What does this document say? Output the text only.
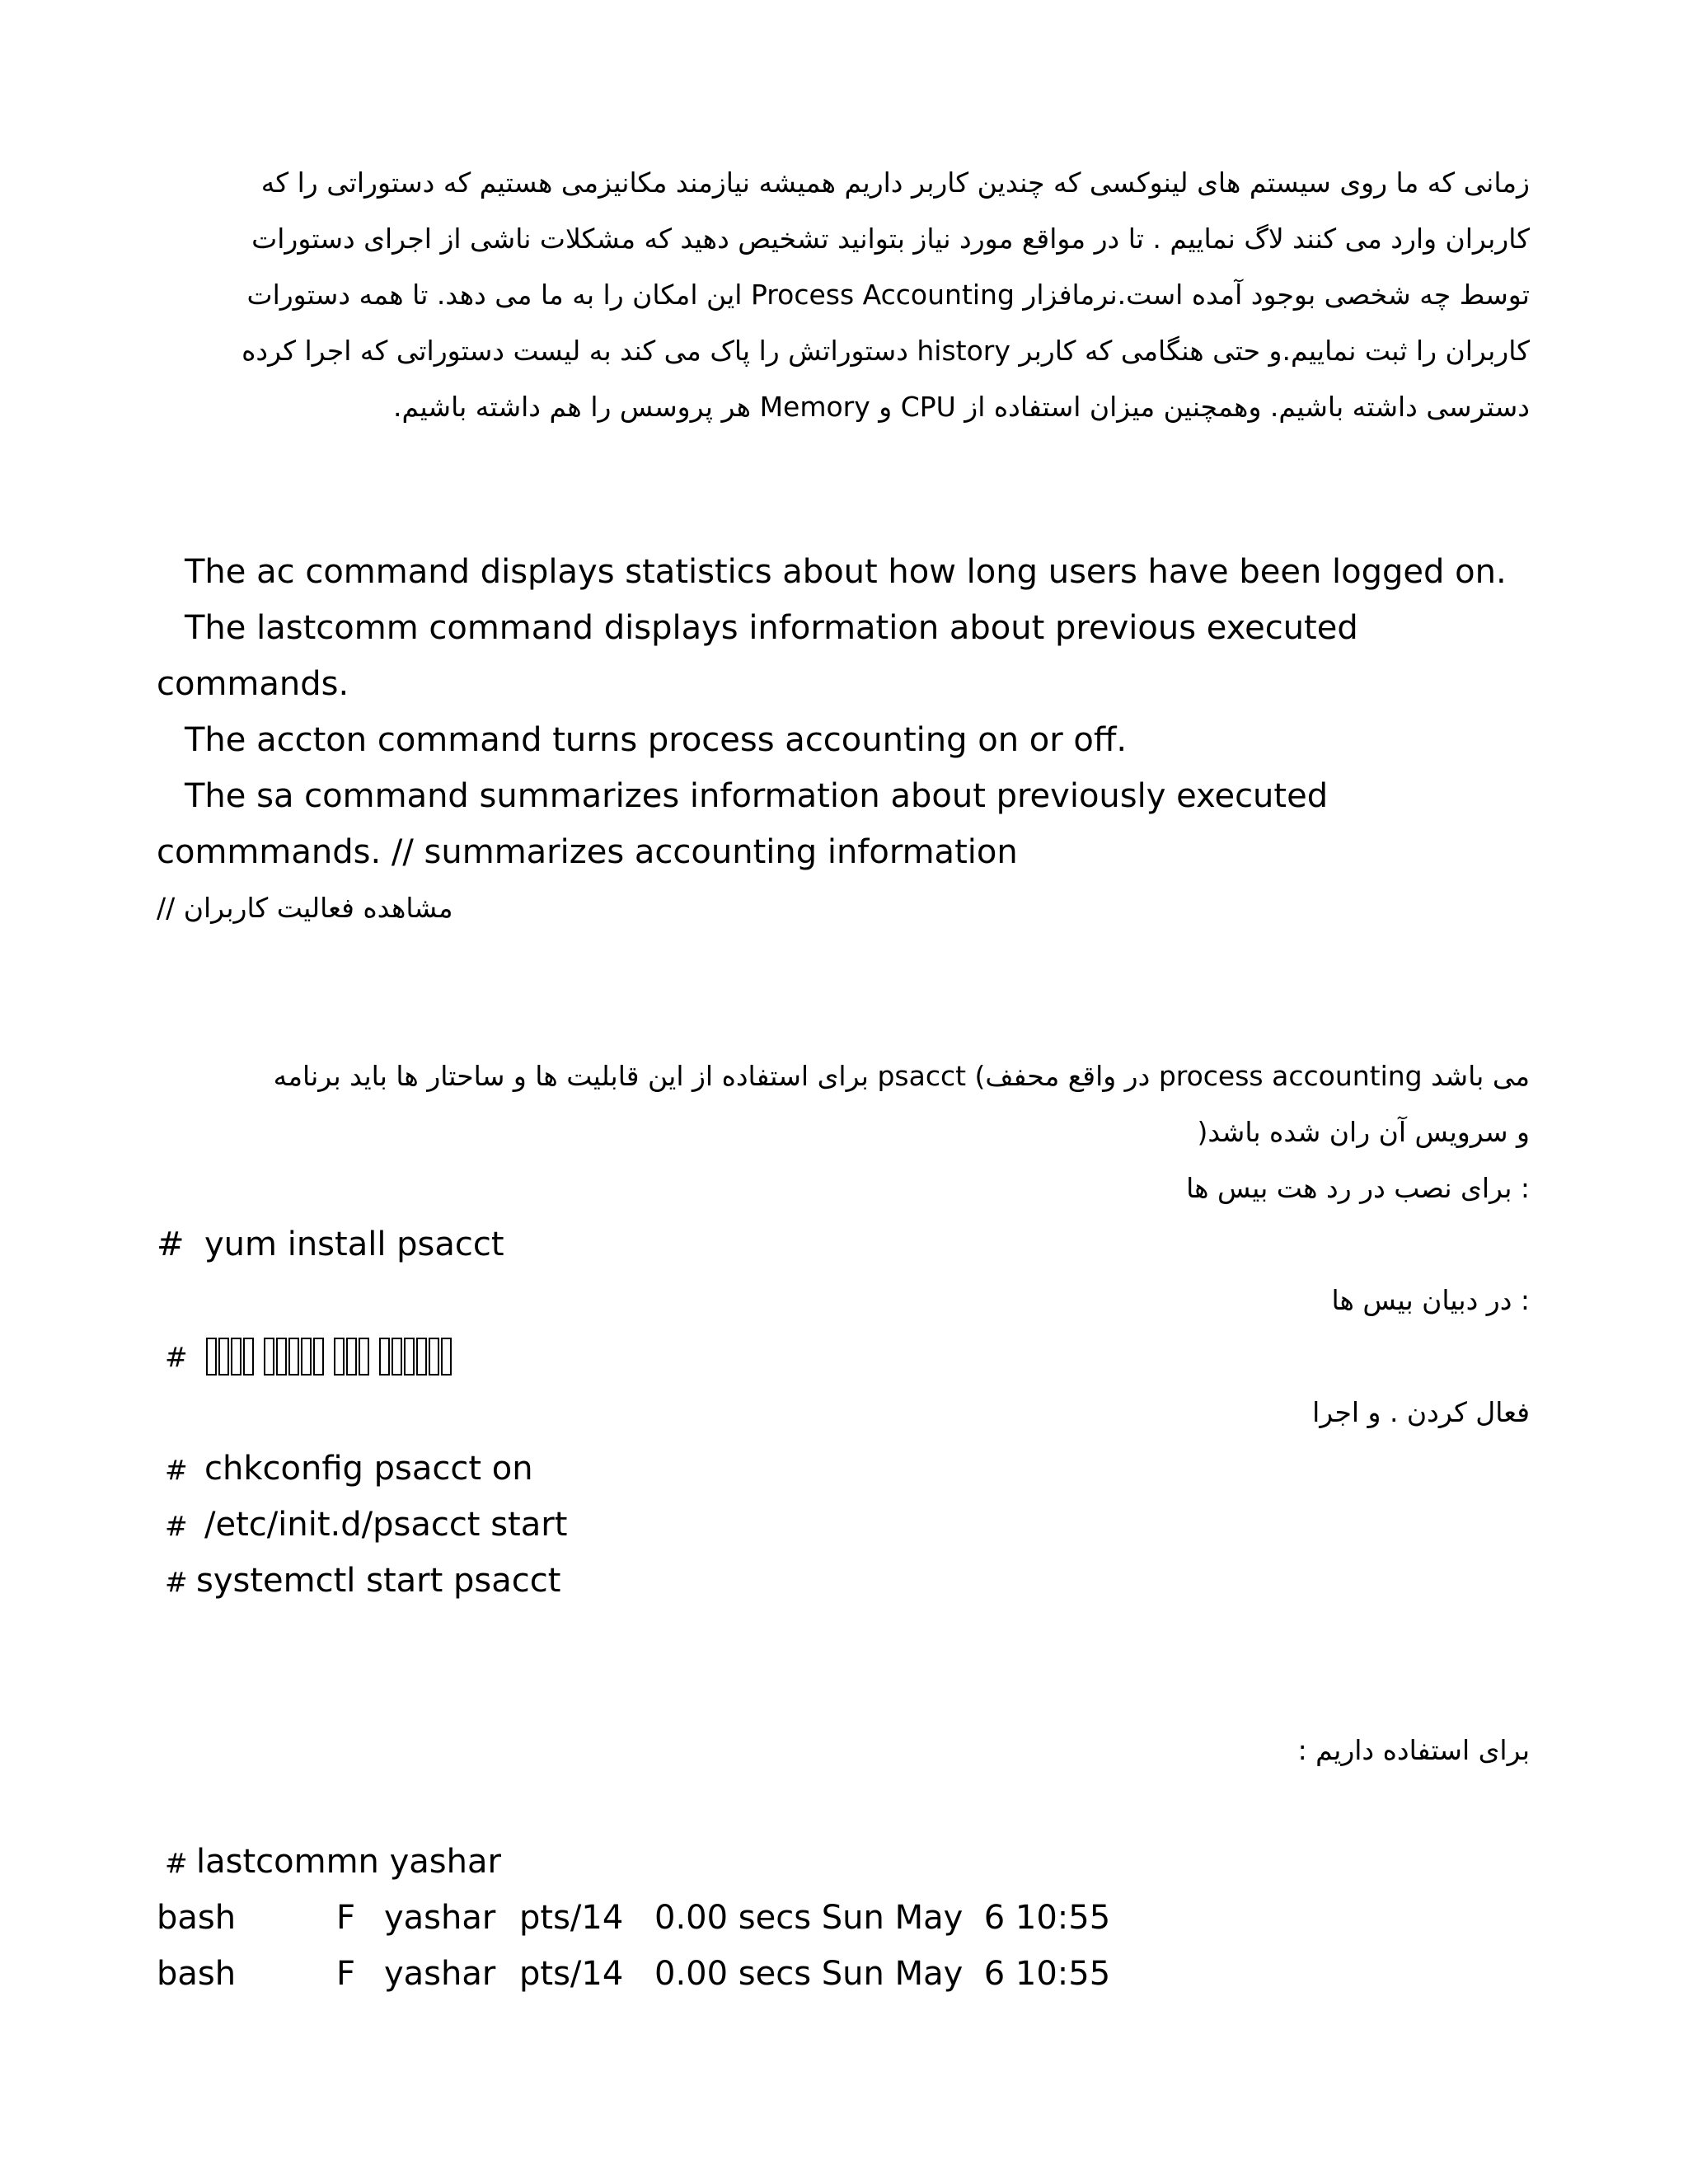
زمانی که ما روی سیستم های لینوکسی که چندین کاربر داریم همیشه نیازمند مکانیزمی هستیم که دستوراتی را که
کاربران وارد می کنند لاگ نماییم . تا در مواقع مورد نیاز بتوانید تشخیص دهید که مشکلات ناشی از اجرای دستورات
توسط چه شخصی بوجود آمده است.نرمافزار Process Accounting این امکان را به ما می دهد. تا همه دستورات
کاربران را ثبت نماییم.و حتی هنگامی که کاربر history دستوراتش را پاک می کند به لیست دستوراتی که اجرا کرده
دسترسی داشته باشیم. وهمچنین میزان استفاده از CPU و Memory هر پروسس را هم داشته باشیم.
The ac command displays statistics about how long users have been logged on.
The lastcomm command displays information about previous executed
commands.
The accton command turns process accounting on or off.
The sa command summarizes information about previously executed
commmands. // summarizes accounting information
مشاهده فعالیت کاربران //
می باشد process accounting در واقع محفف) psacct برای استفاده از این قابلیت ها و ساحتار ها باید برنامه
و سرویس آن ران شده باشد(
: برای نصب در رد هت بیس ها
# yum install psacct
: در دبیان بیس ها
#
فعال کردن . و اجرا
# chkconfig psacct on
# /etc/init.d/psacct start
# systemctl start psacct
برای استفاده داریم :
# lastcommn yashar
bash	F yashar pts/14 0.00 secs Sun May  6 10:55
bash	F yashar pts/14 0.00 secs Sun May  6 10:55
